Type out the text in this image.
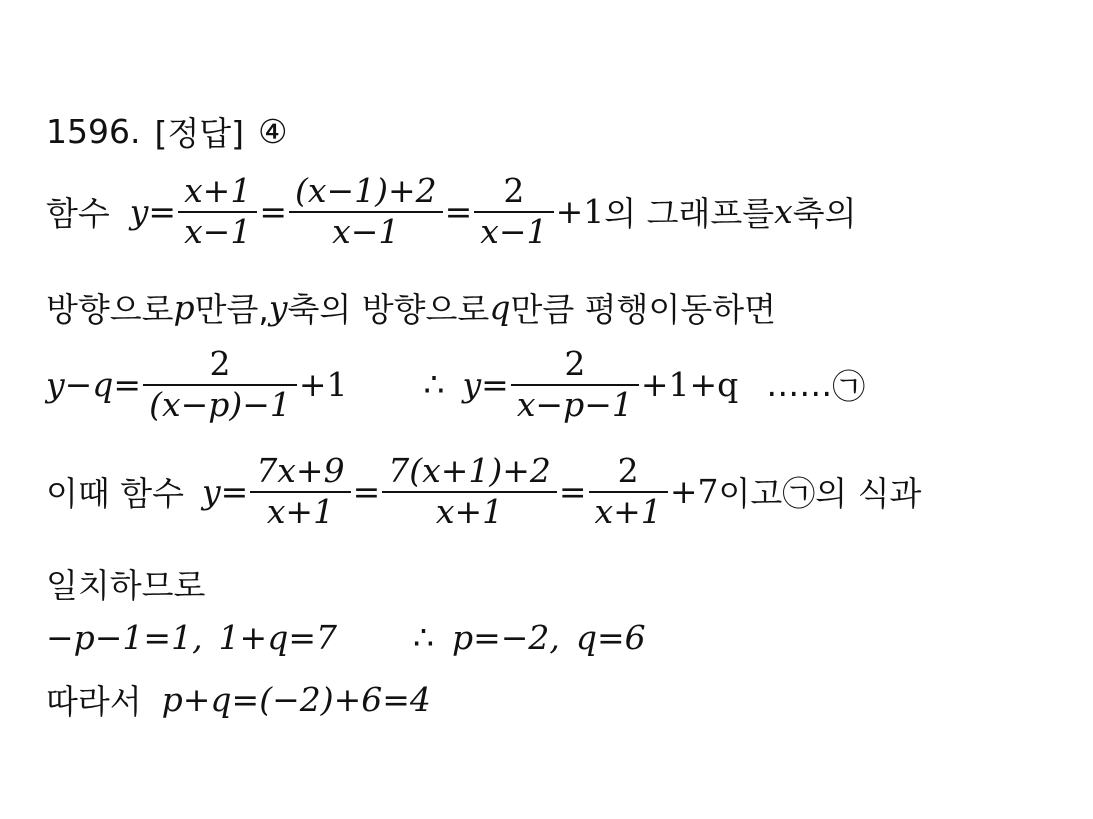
1596. [정답] ④
함수 $y= \frac{x+1}{x-1} = \frac{(x-1)+2}{x-1} = \frac{2}{x-1} +1$ 의 그래프를 x 축의
방향으로 p 만큼, y 축의 방향으로 q 만큼 평행이동하면
$y-q= \frac{2}{(x-p)-1} +1$ ∴ $y= \frac{2}{x-p-1} +1+q$ …… ㉠
이때 함수 $y= \frac{7x+9}{x+1} = \frac{7(x+1)+2}{x+1} = \frac{2}{x+1} +7$ 이고 ㉠ 의 식과
일치하므로
−p−1=1, 1+q=7 ∴ p=−2, q=6
따라서 p+q=(−2)+6=4
